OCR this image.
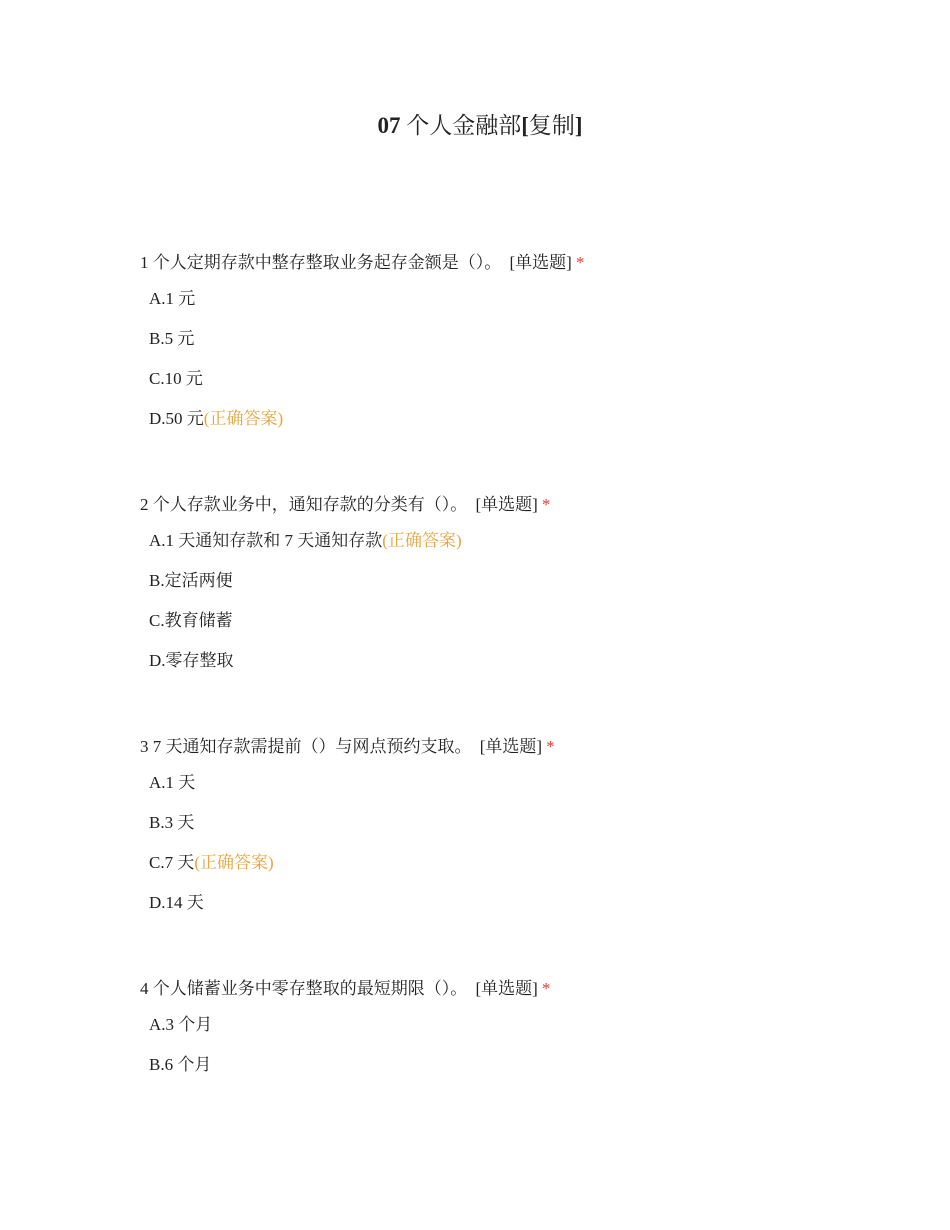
07 个人金融部[复制]
1 个人定期存款中整存整取业务起存金额是（）。 [单选题] *
A.1 元
B.5 元
C.10 元
D.50 元(正确答案)
2 个人存款业务中，通知存款的分类有（）。 [单选题] *
A.1 天通知存款和 7 天通知存款(正确答案)
B.定活两便
C.教育储蓄
D.零存整取
3 7 天通知存款需提前（）与网点预约支取。 [单选题] *
A.1 天
B.3 天
C.7 天(正确答案)
D.14 天
4 个人储蓄业务中零存整取的最短期限（）。 [单选题] *
A.3 个月
B.6 个月
